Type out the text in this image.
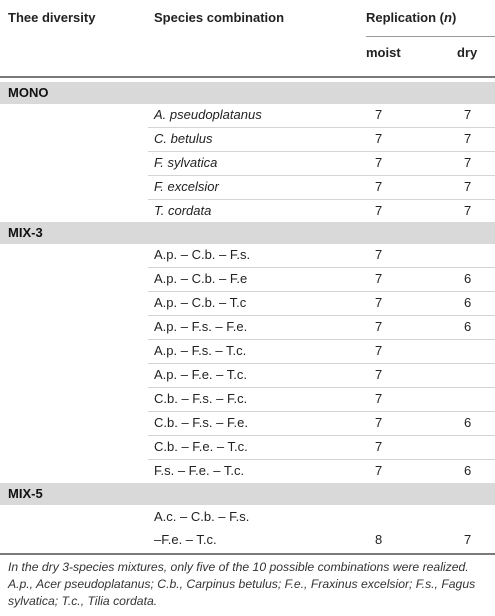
Thee diversity	Species combination	Replication (n)
moist	dry
MONO
A. pseudoplatanus	7	7
C. betulus	7	7
F. sylvatica	7	7
F. excelsior	7	7
T. cordata	7	7
MIX-3
A.p. – C.b. – F.s.	7
A.p. – C.b. – F.e	7	6
A.p. – C.b. – T.c	7	6
A.p. – F.s. – F.e.	7	6
A.p. – F.s. – T.c.	7
A.p. – F.e. – T.c.	7
C.b. – F.s. – F.c.	7
C.b. – F.s. – F.e.	7	6
C.b. – F.e. – T.c.	7
F.s. – F.e. – T.c.	7	6
MIX-5
A.c. – C.b. – F.s.
–F.e. – T.c.	8	7
In the dry 3-species mixtures, only five of the 10 possible combinations were realized.
A.p., Acer pseudoplatanus; C.b., Carpinus betulus; F.e., Fraxinus excelsior; F.s., Fagus
sylvatica; T.c., Tilia cordata.
